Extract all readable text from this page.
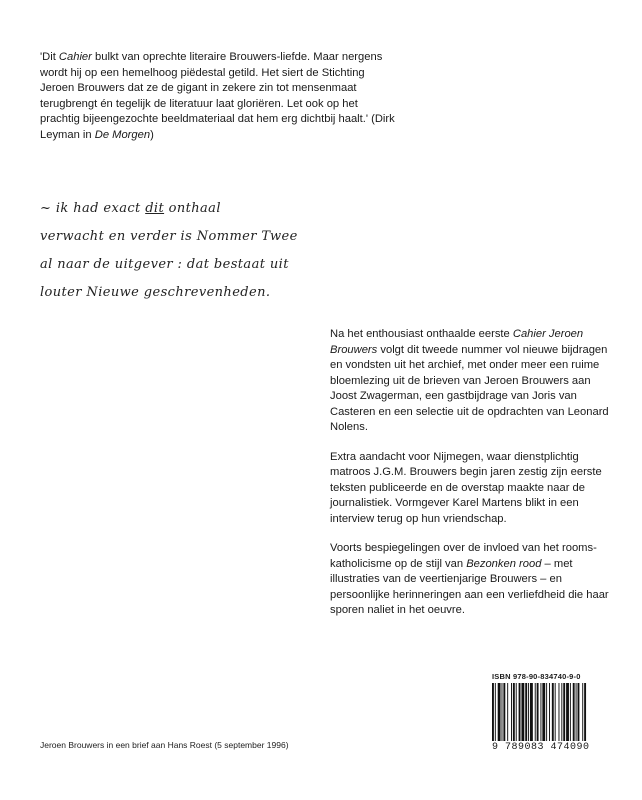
'Dit Cahier bulkt van oprechte literaire Brouwers-liefde. Maar nergens wordt hij op een hemelhoog piëdestal getild. Het siert de Stichting Jeroen Brouwers dat ze de gigant in zekere zin tot mensenmaat terugbrengt én tegelijk de literatuur laat gloriëren. Let ook op het prachtig bijeengezochte beeldmateriaal dat hem erg dichtbij haalt.' (Dirk Leyman in De Morgen)
~ ik had exact dit onthaal
verwacht en verder is Nommer Twee
al naar de uitgever : dat bestaat uit
louter Nieuwe geschrevenheden.

Na het enthousiast onthaalde eerste Cahier Jeroen Brouwers volgt dit tweede nummer vol nieuwe bijdragen en vondsten uit het archief, met onder meer een ruime bloemlezing uit de brieven van Jeroen Brouwers aan Joost Zwagerman, een gastbijdrage van Joris van Casteren en een selectie uit de opdrachten van Leonard Nolens.

Extra aandacht voor Nijmegen, waar dienstplichtig matroos J.G.M. Brouwers begin jaren zestig zijn eerste teksten publiceerde en de overstap maakte naar de journalistiek. Vormgever Karel Martens blikt in een interview terug op hun vriendschap.

Voorts bespiegelingen over de invloed van het rooms-katholicisme op de stijl van Bezonken rood – met illustraties van de veertienjarige Brouwers – en persoonlijke herinneringen aan een verliefdheid die haar sporen naliet in het oeuvre.

Jeroen Brouwers in een brief aan Hans Roest (5 september 1996)
ISBN 978-90-834740-9-0
9 789083 474090
